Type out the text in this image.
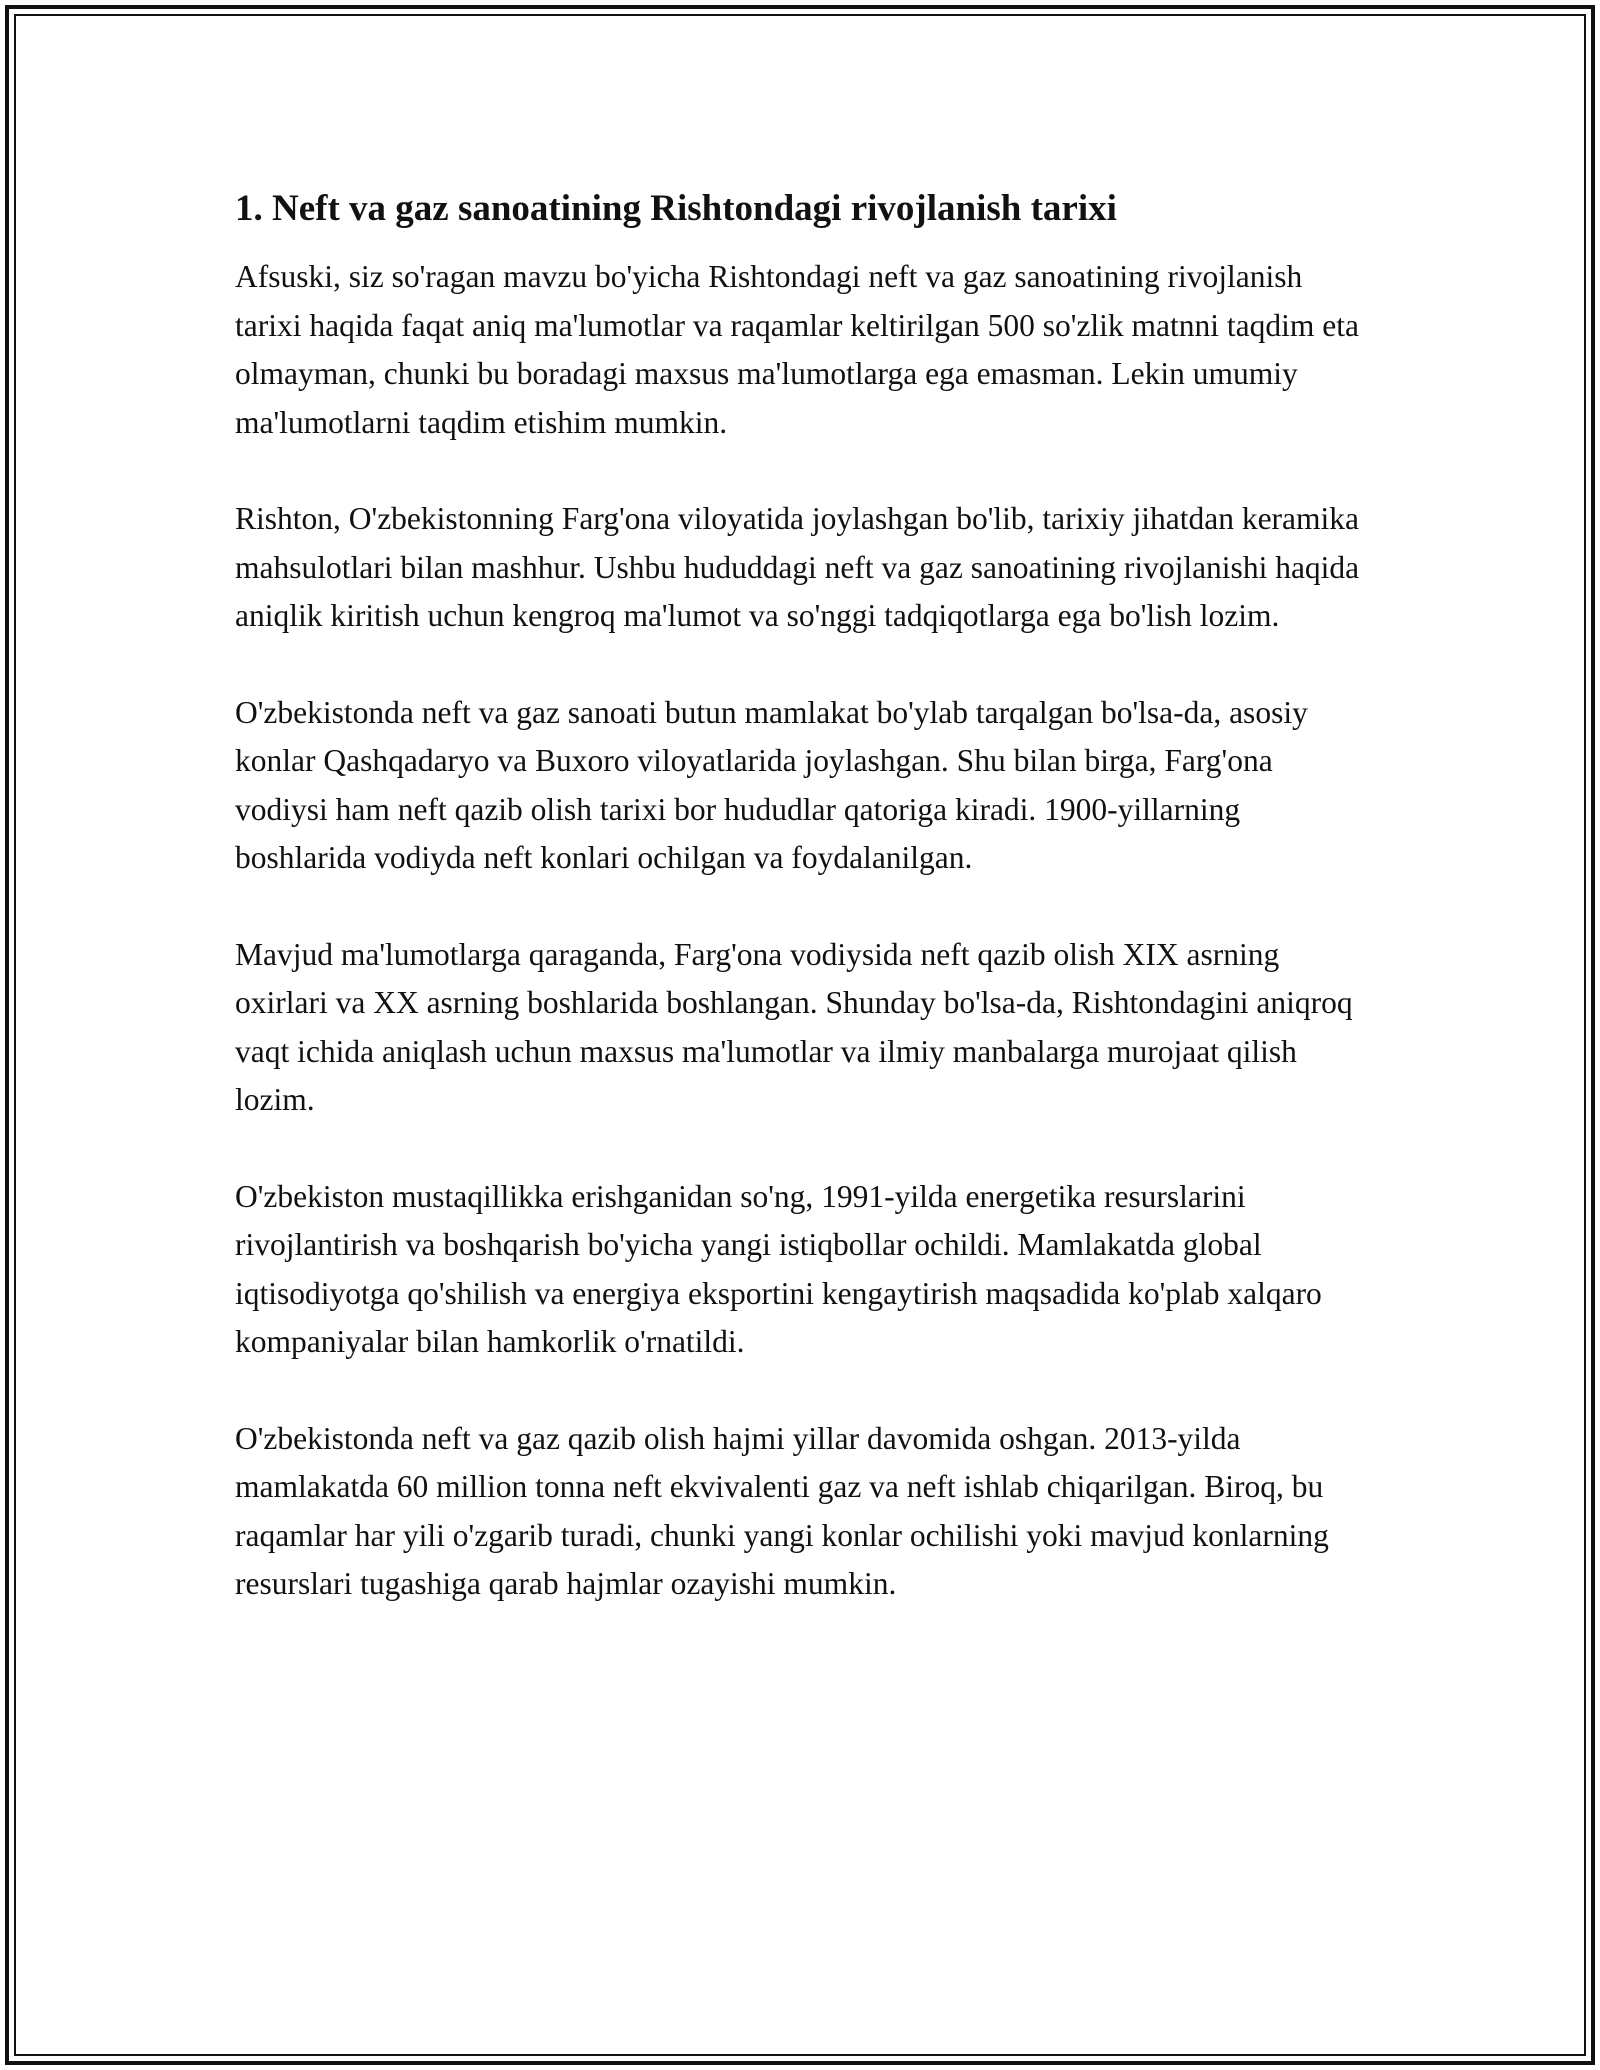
1. Neft va gaz sanoatining Rishtondagi rivojlanish tarixi

Afsuski, siz so'ragan mavzu bo'yicha Rishtondagi neft va gaz sanoatining rivojlanish tarixi haqida faqat aniq ma'lumotlar va raqamlar keltirilgan 500 so'zlik matnni taqdim eta olmayman, chunki bu boradagi maxsus ma'lumotlarga ega emasman. Lekin umumiy ma'lumotlarni taqdim etishim mumkin.

Rishton, O'zbekistonning Farg'ona viloyatida joylashgan bo'lib, tarixiy jihatdan keramika mahsulotlari bilan mashhur. Ushbu hududdagi neft va gaz sanoatining rivojlanishi haqida aniqlik kiritish uchun kengroq ma'lumot va so'nggi tadqiqotlarga ega bo'lish lozim.

O'zbekistonda neft va gaz sanoati butun mamlakat bo'ylab tarqalgan bo'lsa-da, asosiy konlar Qashqadaryo va Buxoro viloyatlarida joylashgan. Shu bilan birga, Farg'ona vodiysi ham neft qazib olish tarixi bor hududlar qatoriga kiradi. 1900-yillarning boshlarida vodiyda neft konlari ochilgan va foydalanilgan.

Mavjud ma'lumotlarga qaraganda, Farg'ona vodiysida neft qazib olish XIX asrning oxirlari va XX asrning boshlarida boshlangan. Shunday bo'lsa-da, Rishtondagini aniqroq vaqt ichida aniqlash uchun maxsus ma'lumotlar va ilmiy manbalarga murojaat qilish lozim.

O'zbekiston mustaqillikka erishganidan so'ng, 1991-yilda energetika resurslarini rivojlantirish va boshqarish bo'yicha yangi istiqbollar ochildi. Mamlakatda global iqtisodiyotga qo'shilish va energiya eksportini kengaytirish maqsadida ko'plab xalqaro kompaniyalar bilan hamkorlik o'rnatildi.

O'zbekistonda neft va gaz qazib olish hajmi yillar davomida oshgan. 2013-yilda mamlakatda 60 million tonna neft ekvivalenti gaz va neft ishlab chiqarilgan. Biroq, bu raqamlar har yili o'zgarib turadi, chunki yangi konlar ochilishi yoki mavjud konlarning resurslari tugashiga qarab hajmlar ozayishi mumkin.
